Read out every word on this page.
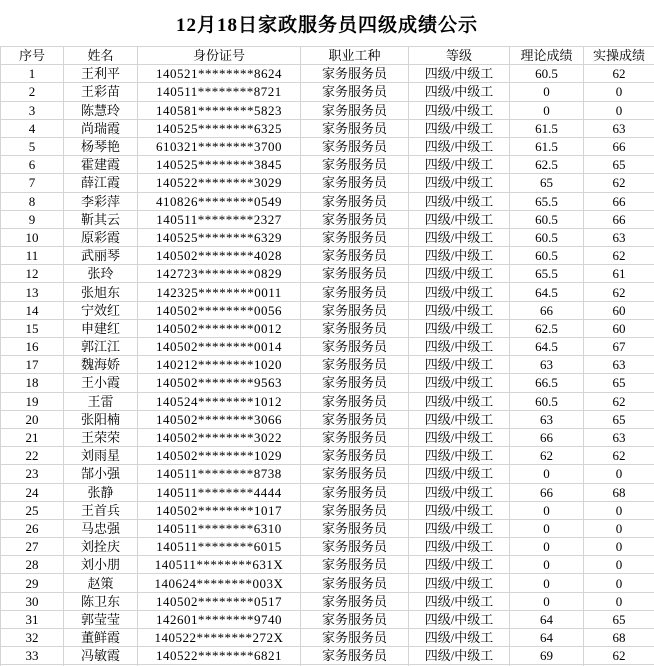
12月18日家政服务员四级成绩公示
序号	姓名	身份证号	职业工种	等级	理论成绩	实操成绩
1	王利平	140521********8624	家务服务员	四级/中级工	60.5	62
2	王彩苗	140511********8721	家务服务员	四级/中级工	0	0
3	陈慧玲	140581********5823	家务服务员	四级/中级工	0	0
4	尚瑞霞	140525********6325	家务服务员	四级/中级工	61.5	63
5	杨琴艳	610321********3700	家务服务员	四级/中级工	61.5	66
6	霍建霞	140525********3845	家务服务员	四级/中级工	62.5	65
7	薛江霞	140522********3029	家务服务员	四级/中级工	65	62
8	李彩萍	410826********0549	家务服务员	四级/中级工	65.5	66
9	靳其云	140511********2327	家务服务员	四级/中级工	60.5	66
10	原彩霞	140525********6329	家务服务员	四级/中级工	60.5	63
11	武丽琴	140502********4028	家务服务员	四级/中级工	60.5	62
12	张玲	142723********0829	家务服务员	四级/中级工	65.5	61
13	张旭东	142325********0011	家务服务员	四级/中级工	64.5	62
14	宁效红	140502********0056	家务服务员	四级/中级工	66	60
15	申建红	140502********0012	家务服务员	四级/中级工	62.5	60
16	郭江江	140502********0014	家务服务员	四级/中级工	64.5	67
17	魏海娇	140212********1020	家务服务员	四级/中级工	63	63
18	王小霞	140502********9563	家务服务员	四级/中级工	66.5	65
19	王雷	140524********1012	家务服务员	四级/中级工	60.5	62
20	张阳楠	140502********3066	家务服务员	四级/中级工	63	65
21	王荣荣	140502********3022	家务服务员	四级/中级工	66	63
22	刘雨星	140502********1029	家务服务员	四级/中级工	62	62
23	郜小强	140511********8738	家务服务员	四级/中级工	0	0
24	张静	140511********4444	家务服务员	四级/中级工	66	68
25	王首兵	140502********1017	家务服务员	四级/中级工	0	0
26	马忠强	140511********6310	家务服务员	四级/中级工	0	0
27	刘拴庆	140511********6015	家务服务员	四级/中级工	0	0
28	刘小朋	140511********631X	家务服务员	四级/中级工	0	0
29	赵策	140624********003X	家务服务员	四级/中级工	0	0
30	陈卫东	140502********0517	家务服务员	四级/中级工	0	0
31	郭莹莹	142601********9740	家务服务员	四级/中级工	64	65
32	董鲜霞	140522********272X	家务服务员	四级/中级工	64	68
33	冯敏霞	140522********6821	家务服务员	四级/中级工	69	62
